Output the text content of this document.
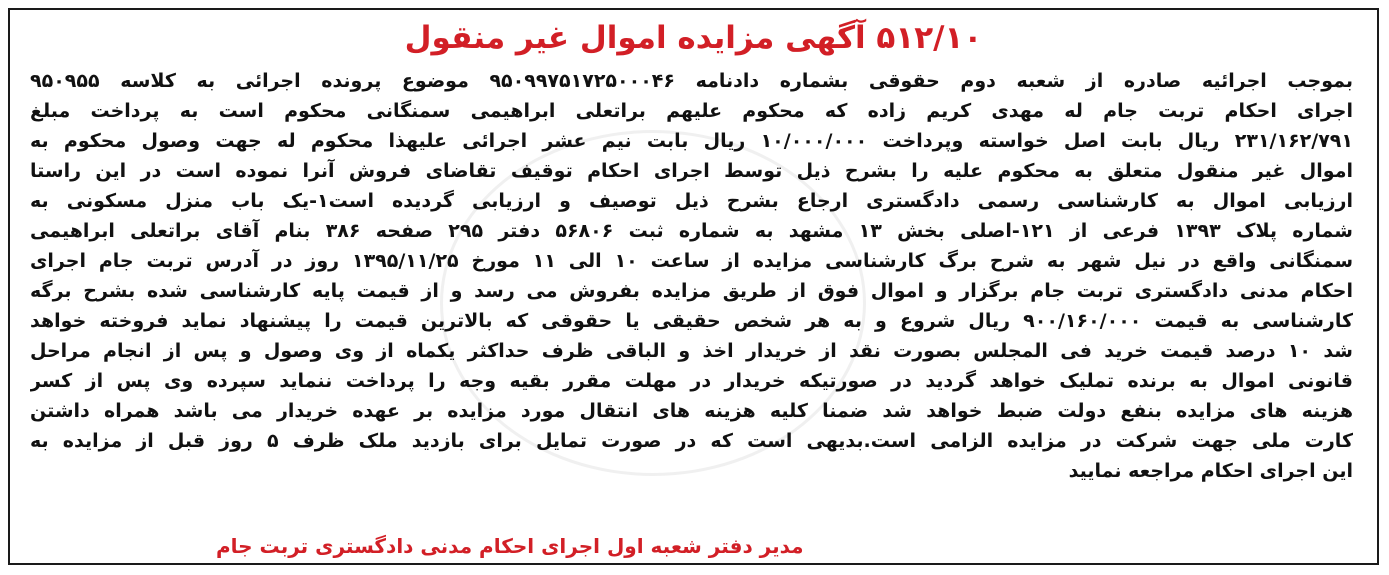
۵۱۲/۱۰ آگهی مزایده اموال غیر منقول
بموجب اجرائیه صادره از شعبه دوم حقوقی بشماره دادنامه ۹۵۰۹۹۷۵۱۷۲۵۰۰۰۴۶ موضوع پرونده اجرائی به کلاسه ۹۵۰۹۵۵
اجرای احکام تربت جام له مهدی کریم زاده که محکوم علیهم براتعلی ابراهیمی سمنگانی محکوم است به پرداخت مبلغ
۲۳۱/۱۶۲/۷۹۱ ریال بابت اصل خواسته وپرداخت ۱۰/۰۰۰/۰۰۰ ریال بابت نیم عشر اجرائی علیهذا محکوم له جهت وصول محکوم به
اموال غیر منقول متعلق به محکوم علیه را بشرح ذیل توسط اجرای احکام توقیف تقاضای فروش آنرا نموده است در این راستا
ارزیابی اموال به کارشناسی رسمی دادگستری ارجاع بشرح ذیل توصیف و ارزیابی گردیده است۱-یک باب منزل مسکونی به
شماره پلاک ۱۳۹۳ فرعی از ۱۲۱-اصلی بخش ۱۳ مشهد به شماره ثبت ۵۶۸۰۶ دفتر ۲۹۵ صفحه ۳۸۶ بنام آقای براتعلی ابراهیمی
سمنگانی واقع در نیل شهر به شرح برگ کارشناسی مزایده از ساعت ۱۰ الی ۱۱ مورخ ۱۳۹۵/۱۱/۲۵ روز در آدرس تربت جام اجرای
احکام مدنی دادگستری تربت جام برگزار و اموال فوق از طریق مزایده بفروش می رسد و از قیمت پایه کارشناسی شده بشرح برگه
کارشناسی به قیمت ۹۰۰/۱۶۰/۰۰۰ ریال شروع و به هر شخص حقیقی یا حقوقی که بالاترین قیمت را پیشنهاد نماید فروخته خواهد
شد ۱۰ درصد قیمت خرید فی المجلس بصورت نقد از خریدار اخذ و الباقی ظرف حداکثر یکماه از وی وصول و پس از انجام مراحل
قانونی اموال به برنده تملیک خواهد گردید در صورتیکه خریدار در مهلت مقرر بقیه وجه را پرداخت ننماید سپرده وی پس از کسر
هزینه های مزایده بنفع دولت ضبط خواهد شد ضمنا کلیه هزینه های انتقال مورد مزایده بر عهده خریدار می باشد همراه داشتن
کارت ملی جهت شرکت در مزایده الزامی است.بدیهی است که در صورت تمایل برای بازدید ملک ظرف ۵ روز قبل از مزایده به
این اجرای احکام مراجعه نمایید
مدیر دفتر شعبه اول اجرای احکام مدنی دادگستری تربت جام
